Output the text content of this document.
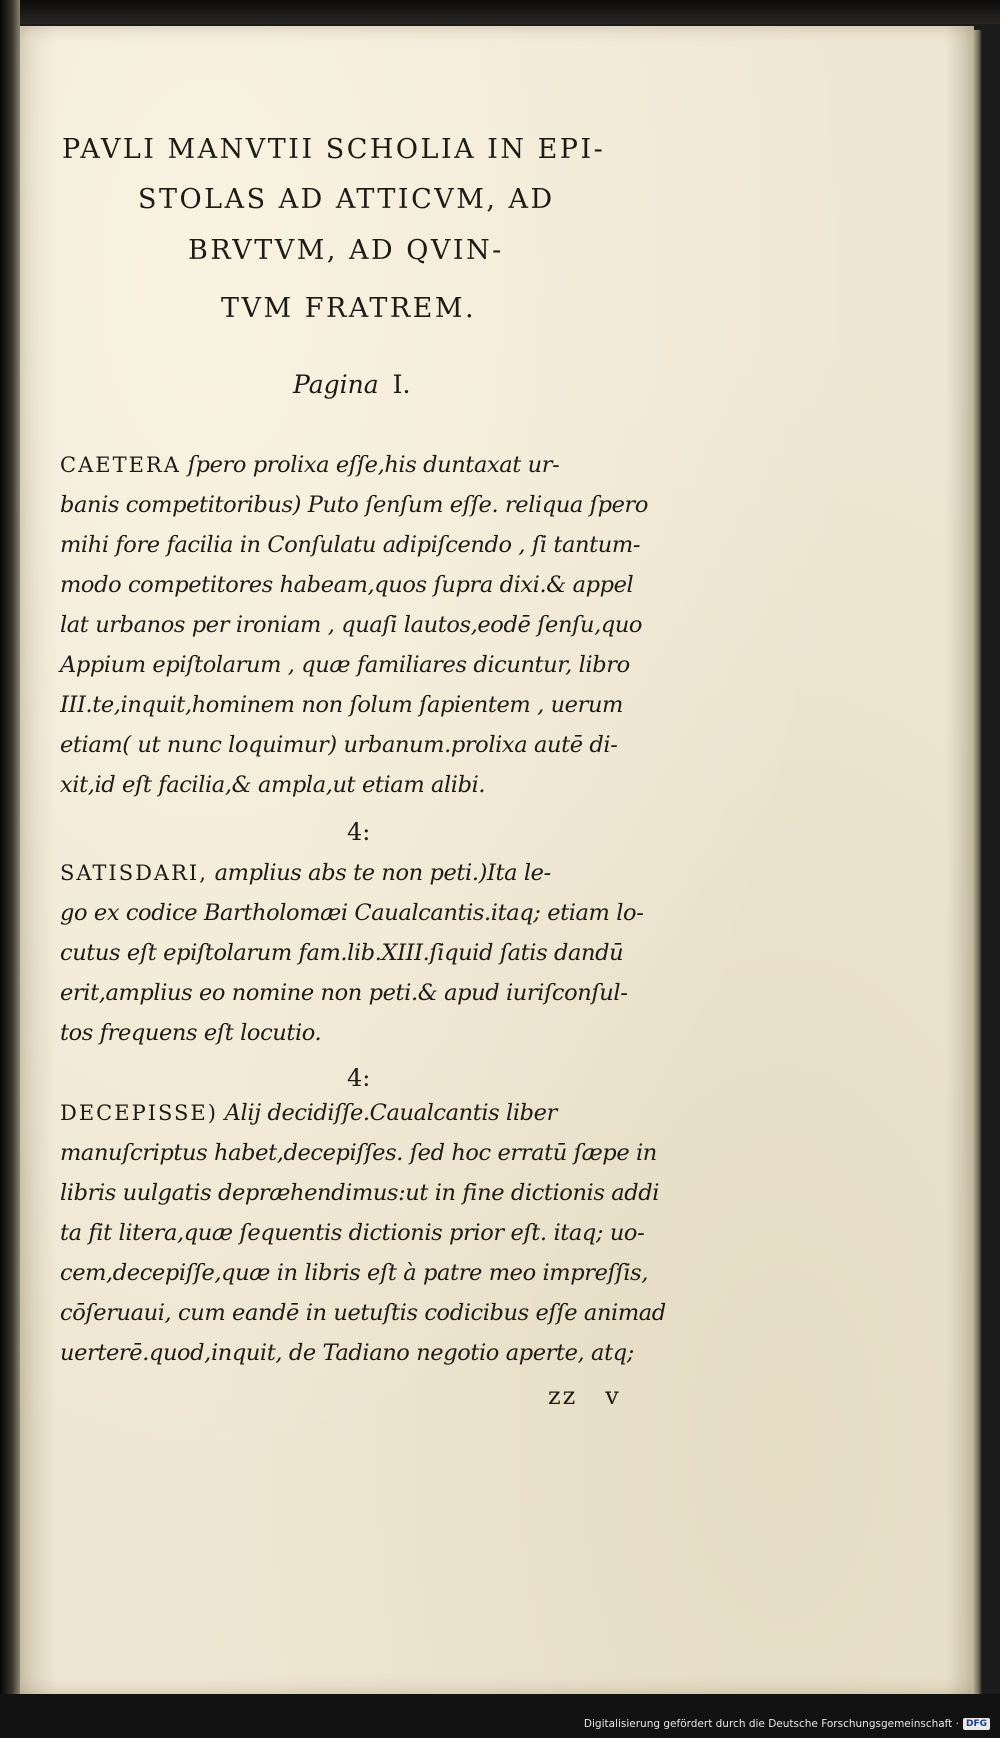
PAVLI MANVTII SCHOLIA IN EPI-
STOLAS AD ATTICVM, AD
BRVTVM, AD QVIN-
TVM FRATREM.
Pagina I.
CAETERA ſpero prolixa eſſe,his duntaxat ur-
banis competitoribus) Puto ſenſum eſſe. reliqua ſpero
mihi fore facilia in Conſulatu adipiſcendo , ſi tantum-
modo competitores habeam,quos ſupra dixi.& appel
lat urbanos per ironiam , quaſi lautos,eodē ſenſu,quo
Appium epiſtolarum , quæ familiares dicuntur, libro
III.te,inquit,hominem non ſolum ſapientem , uerum
etiam( ut nunc loquimur) urbanum.prolixa autē di-
xit,id eſt facilia,& ampla,ut etiam alibi.
4:
SATISDARI, amplius abs te non peti.)Ita le-
go ex codice Bartholomæi Caualcantis.itaq; etiam lo-
cutus eſt epiſtolarum fam.lib.XIII.ſiquid ſatis dandū
erit,amplius eo nomine non peti.& apud iuriſconſul-
tos frequens eſt locutio.
4:
DECEPISSE) Alij decidiſſe.Caualcantis liber
manuſcriptus habet,decepiſſes. ſed hoc erratū ſæpe in
libris uulgatis depræhendimus:ut in fine dictionis addi
ta fit litera,quæ ſequentis dictionis prior eſt. itaq; uo-
cem,decepiſſe,quæ in libris eſt à patre meo impreſſis,
cōſeruaui, cum eandē in uetuſtis codicibus eſſe animad
uerterē.quod,inquit, de Tadiano negotio aperte, atq;
zz v
Digitalisierung gefördert durch die Deutsche Forschungsgemeinschaft · DFG
